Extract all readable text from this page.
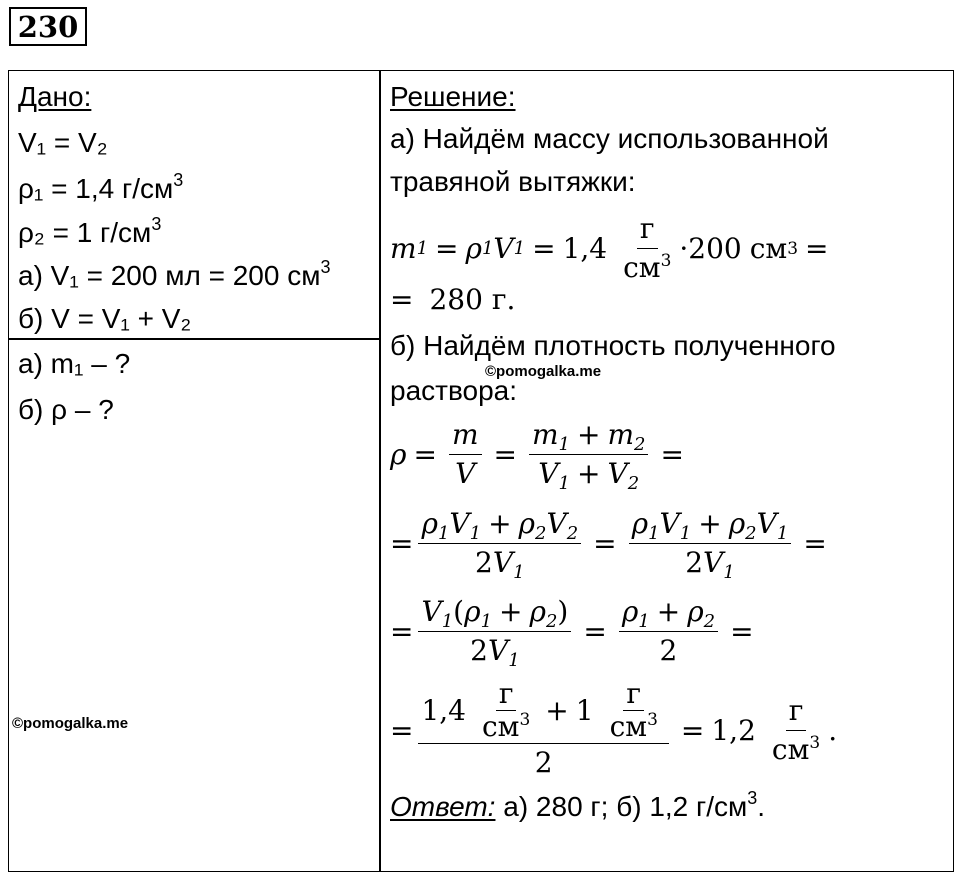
230
Дано:
V₁ = V₂
ρ₁ = 1,4 $г/см^3$
ρ₂ = 1 $г/см^3$
а) V₁ = 200 мл = 200 $см^3$
б) V = V₁ + V₂
а) m₁ – ?
б) ρ – ?
©pomogalka.me
Решение:
а) Найдём массу использованной
травяной вытяжки:
m 1 = ρ 1 V $1 = 1,4 \frac{г}{см^3} \cdot 200$ см 3 =
= 280 г.
б) Найдём плотность полученного
раствора:
©pomogalka.me
$\rho = \frac{m}{V} = \frac{m_1 + m_2}{V_1 + V_2}$ =
= $\frac{\rho_1V_1 + \rho_2V_2}{2V_1} = \frac{\rho_1V_1 + \rho_2V_1}{2V_1}$ =
= $\frac{V_1(\rho_1 + \rho_2)}{2V_1} = \frac{\rho_1 + \rho_2}{2}$ =
= $\frac{1,4 \frac{г}{см^3} + 1 \frac{г}{см^3}}{2} = 1,2 \frac{г}{см^3}$ .
Ответ: а) 280 г; б) 1,2 $г/см^3$.
